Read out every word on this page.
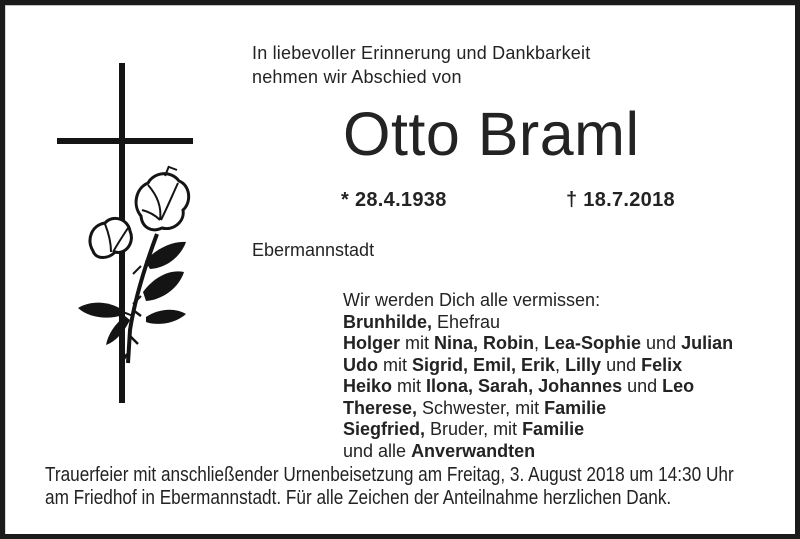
In liebevoller Erinnerung und Dankbarkeit
nehmen wir Abschied von
Otto Braml
* 28.4.1938	† 18.7.2018
Ebermannstadt
Wir werden Dich alle vermissen:
Brunhilde, Ehefrau
Holger mit Nina, Robin, Lea-Sophie und Julian
Udo mit Sigrid, Emil, Erik, Lilly und Felix
Heiko mit Ilona, Sarah, Johannes und Leo
Therese, Schwester, mit Familie
Siegfried, Bruder, mit Familie
und alle Anverwandten
Trauerfeier mit anschließender Urnenbeisetzung am Freitag, 3. August 2018 um 14:30 Uhr
am Friedhof in Ebermannstadt. Für alle Zeichen der Anteilnahme herzlichen Dank.
